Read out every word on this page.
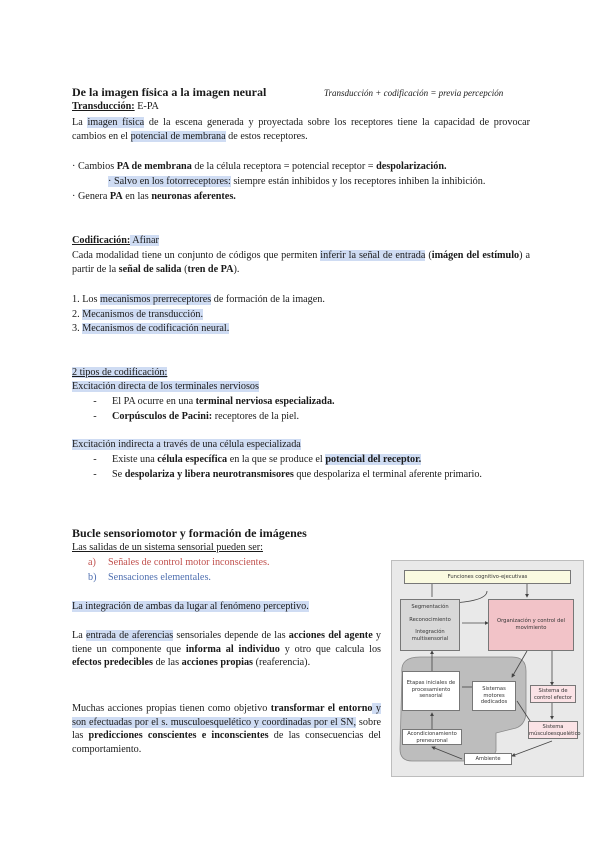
De la imagen física a la imagen neural	Transducción + codificación = previa percepción
Transducción: E-PA
La imagen física de la escena generada y proyectada sobre los receptores tiene la capacidad de provocar cambios en el potencial de membrana de estos receptores.
· Cambios PA de membrana de la célula receptora = potencial receptor = despolarización.
· Salvo en los fotorreceptores: siempre están inhibidos y los receptores inhiben la inhibición.
· Genera PA en las neuronas aferentes.
Codificación: Afinar
Cada modalidad tiene un conjunto de códigos que permiten inferir la señal de entrada (imágen del estímulo) a partir de la señal de salida (tren de PA).
1. Los mecanismos prerreceptores de formación de la imagen.
2. Mecanismos de transducción.
3. Mecanismos de codificación neural.
2 tipos de codificación:
Excitación directa de los terminales nerviosos
- El PA ocurre en una terminal nerviosa especializada.
- Corpúsculos de Pacini: receptores de la piel.
Excitación indirecta a través de una célula especializada
- Existe una célula específica en la que se produce el potencial del receptor.
- Se despolariza y libera neurotransmisores que despolariza el terminal aferente primario.
Bucle sensoriomotor y formación de imágenes
Las salidas de un sistema sensorial pueden ser:
a) Señales de control motor inconscientes.
b) Sensaciones elementales.
La integración de ambas da lugar al fenómeno perceptivo.
La entrada de aferencias sensoriales depende de las acciones del agente y tiene un componente que informa al individuo y otro que calcula los efectos predecibles de las acciones propias (reaferencia).
Muchas acciones propias tienen como objetivo transformar el entorno y son efectuadas por el s. musculoesquelético y coordinadas por el SN, sobre las predicciones conscientes e inconscientes de las consecuencias del comportamiento.
Funciones cognitivo-ejecutivas
Segmentación
Reconocimiento
Integración multisensorial
Organización y control del movimiento
Etapas iniciales de procesamiento sensorial
Sistemas motores dedicados
Sistema de control efector
Acondicionamiento preneuronal
Sistema músculoesquelético
Ambiente
